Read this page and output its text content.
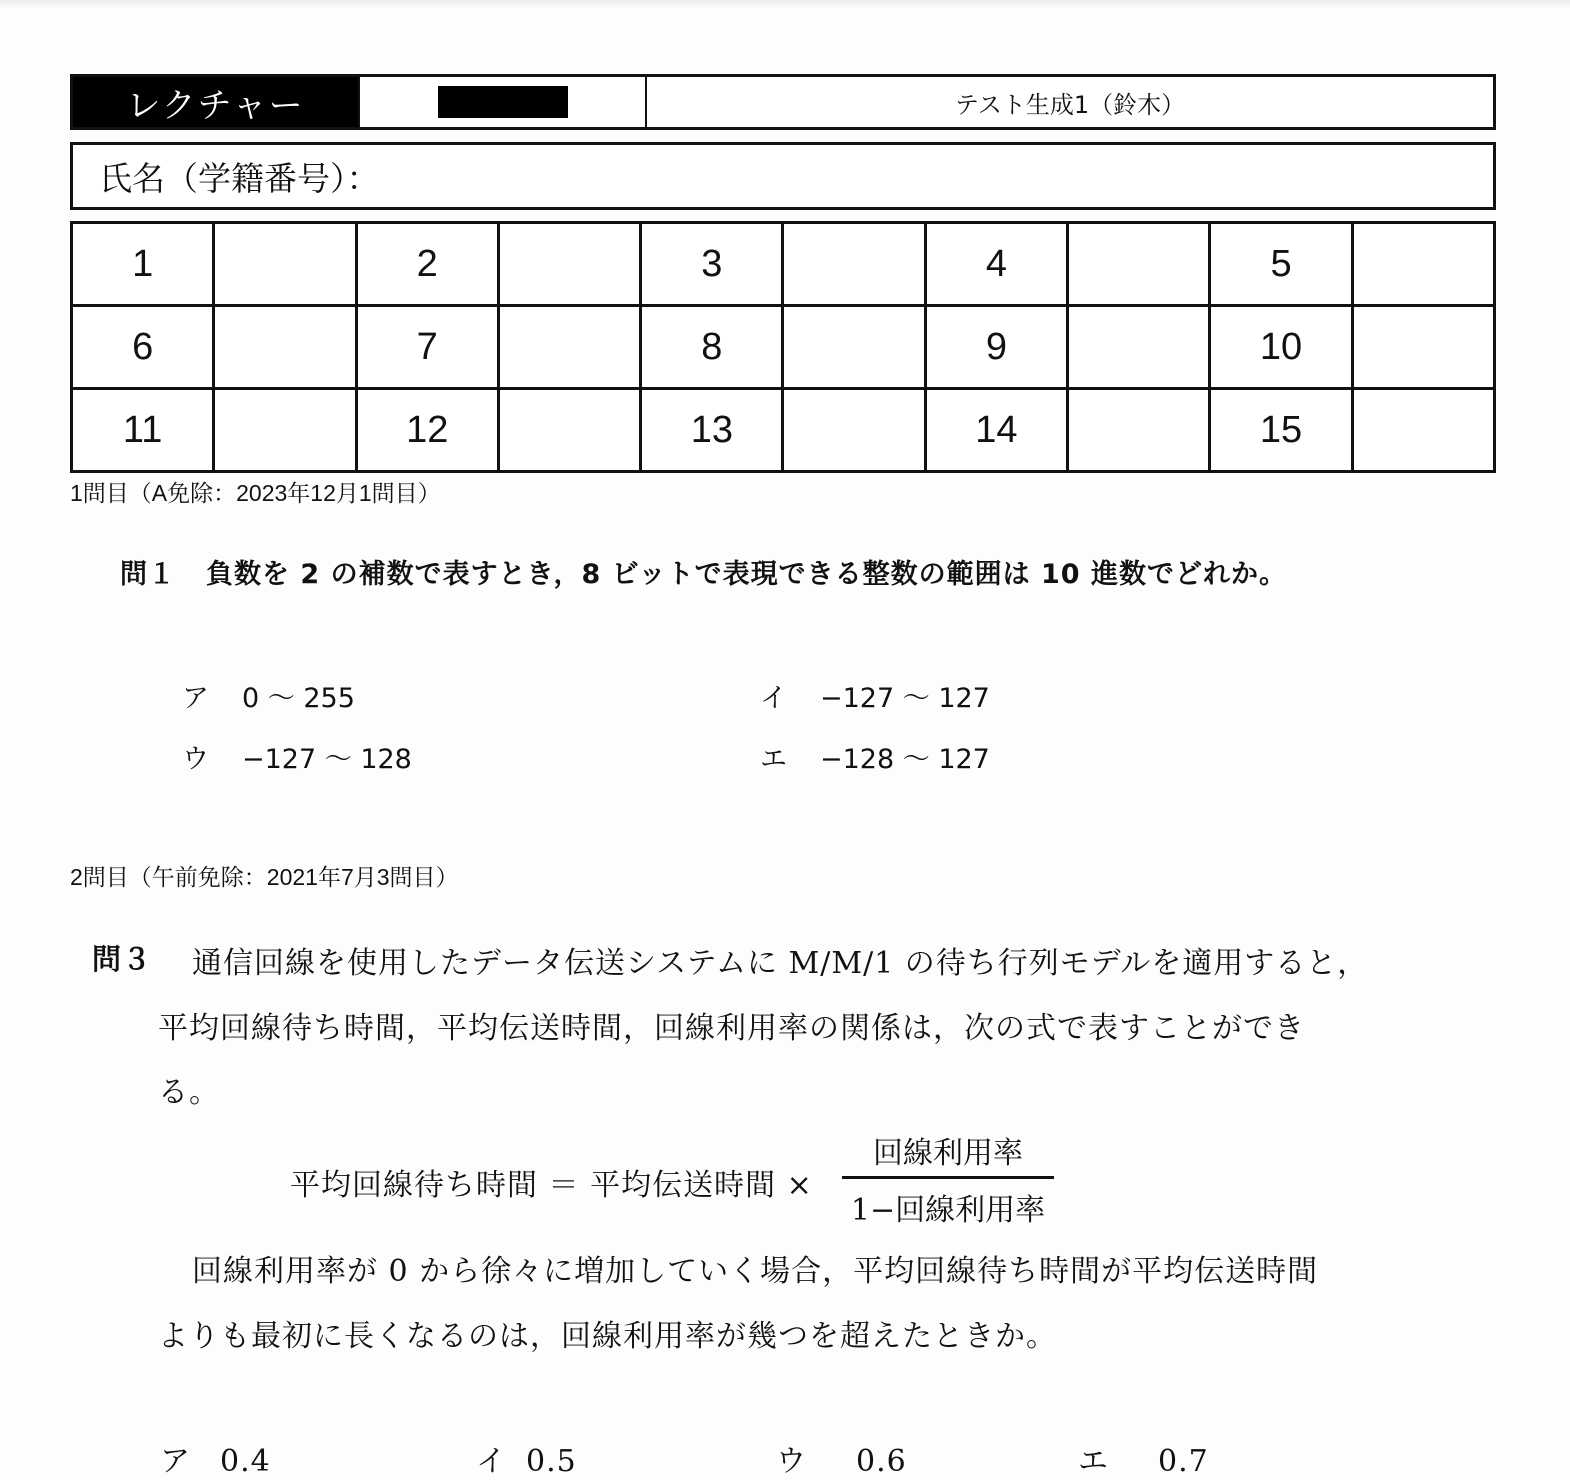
レクチャー	テスト生成1（鈴木）
氏名（学籍番号）：
1		2		3		4		5	
6		7		8		9		10	
11		12		13		14		15	
1問目（A免除：2023年12月1問目）
問１ 負数を 2 の補数で表すとき，8 ビットで表現できる整数の範囲は 10 進数でどれか。
ア 0 ～ 255	イ −127 ～ 127
ウ −127 ～ 128	エ −128 ～ 127
2問目（午前免除：2021年7月3問目）
問３ 通信回線を使用したデータ伝送システムに M/M/1 の待ち行列モデルを適用すると，
平均回線待ち時間，平均伝送時間，回線利用率の関係は，次の式で表すことができ
る。
平均回線待ち時間 ＝ 平均伝送時間 ×
回線利用率
1−回線利用率
回線利用率が 0 から徐々に増加していく場合，平均回線待ち時間が平均伝送時間
よりも最初に長くなるのは，回線利用率が幾つを超えたときか。
ア 0.4	イ 0.5	ウ 0.6	エ 0.7
